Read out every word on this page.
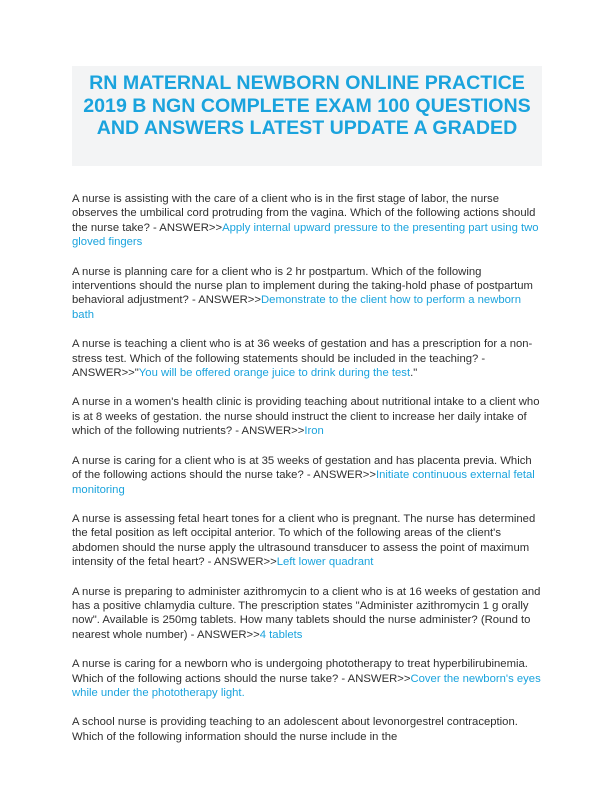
RN MATERNAL NEWBORN ONLINE PRACTICE 2019 B NGN COMPLETE EXAM 100 QUESTIONS AND ANSWERS LATEST UPDATE A GRADED

A nurse is assisting with the care of a client who is in the first stage of labor, the nurse observes the umbilical cord protruding from the vagina. Which of the following actions should the nurse take? - ANSWER>>Apply internal upward pressure to the presenting part using two gloved fingers

A nurse is planning care for a client who is 2 hr postpartum. Which of the following interventions should the nurse plan to implement during the taking-hold phase of postpartum behavioral adjustment? - ANSWER>>Demonstrate to the client how to perform a newborn bath

A nurse is teaching a client who is at 36 weeks of gestation and has a prescription for a non-stress test. Which of the following statements should be included in the teaching? - ANSWER>>"You will be offered orange juice to drink during the test."

A nurse in a women's health clinic is providing teaching about nutritional intake to a client who is at 8 weeks of gestation. the nurse should instruct the client to increase her daily intake of which of the following nutrients? - ANSWER>>Iron

A nurse is caring for a client who is at 35 weeks of gestation and has placenta previa. Which of the following actions should the nurse take? - ANSWER>>Initiate continuous external fetal monitoring

A nurse is assessing fetal heart tones for a client who is pregnant. The nurse has determined the fetal position as left occipital anterior. To which of the following areas of the client's abdomen should the nurse apply the ultrasound transducer to assess the point of maximum intensity of the fetal heart? - ANSWER>>Left lower quadrant

A nurse is preparing to administer azithromycin to a client who is at 16 weeks of gestation and has a positive chlamydia culture. The prescription states "Administer azithromycin 1 g orally now". Available is 250mg tablets. How many tablets should the nurse administer? (Round to nearest whole number) - ANSWER>>4 tablets

A nurse is caring for a newborn who is undergoing phototherapy to treat hyperbilirubinemia. Which of the following actions should the nurse take? - ANSWER>>Cover the newborn's eyes while under the phototherapy light.

A school nurse is providing teaching to an adolescent about levonorgestrel contraception. Which of the following information should the nurse include in the
